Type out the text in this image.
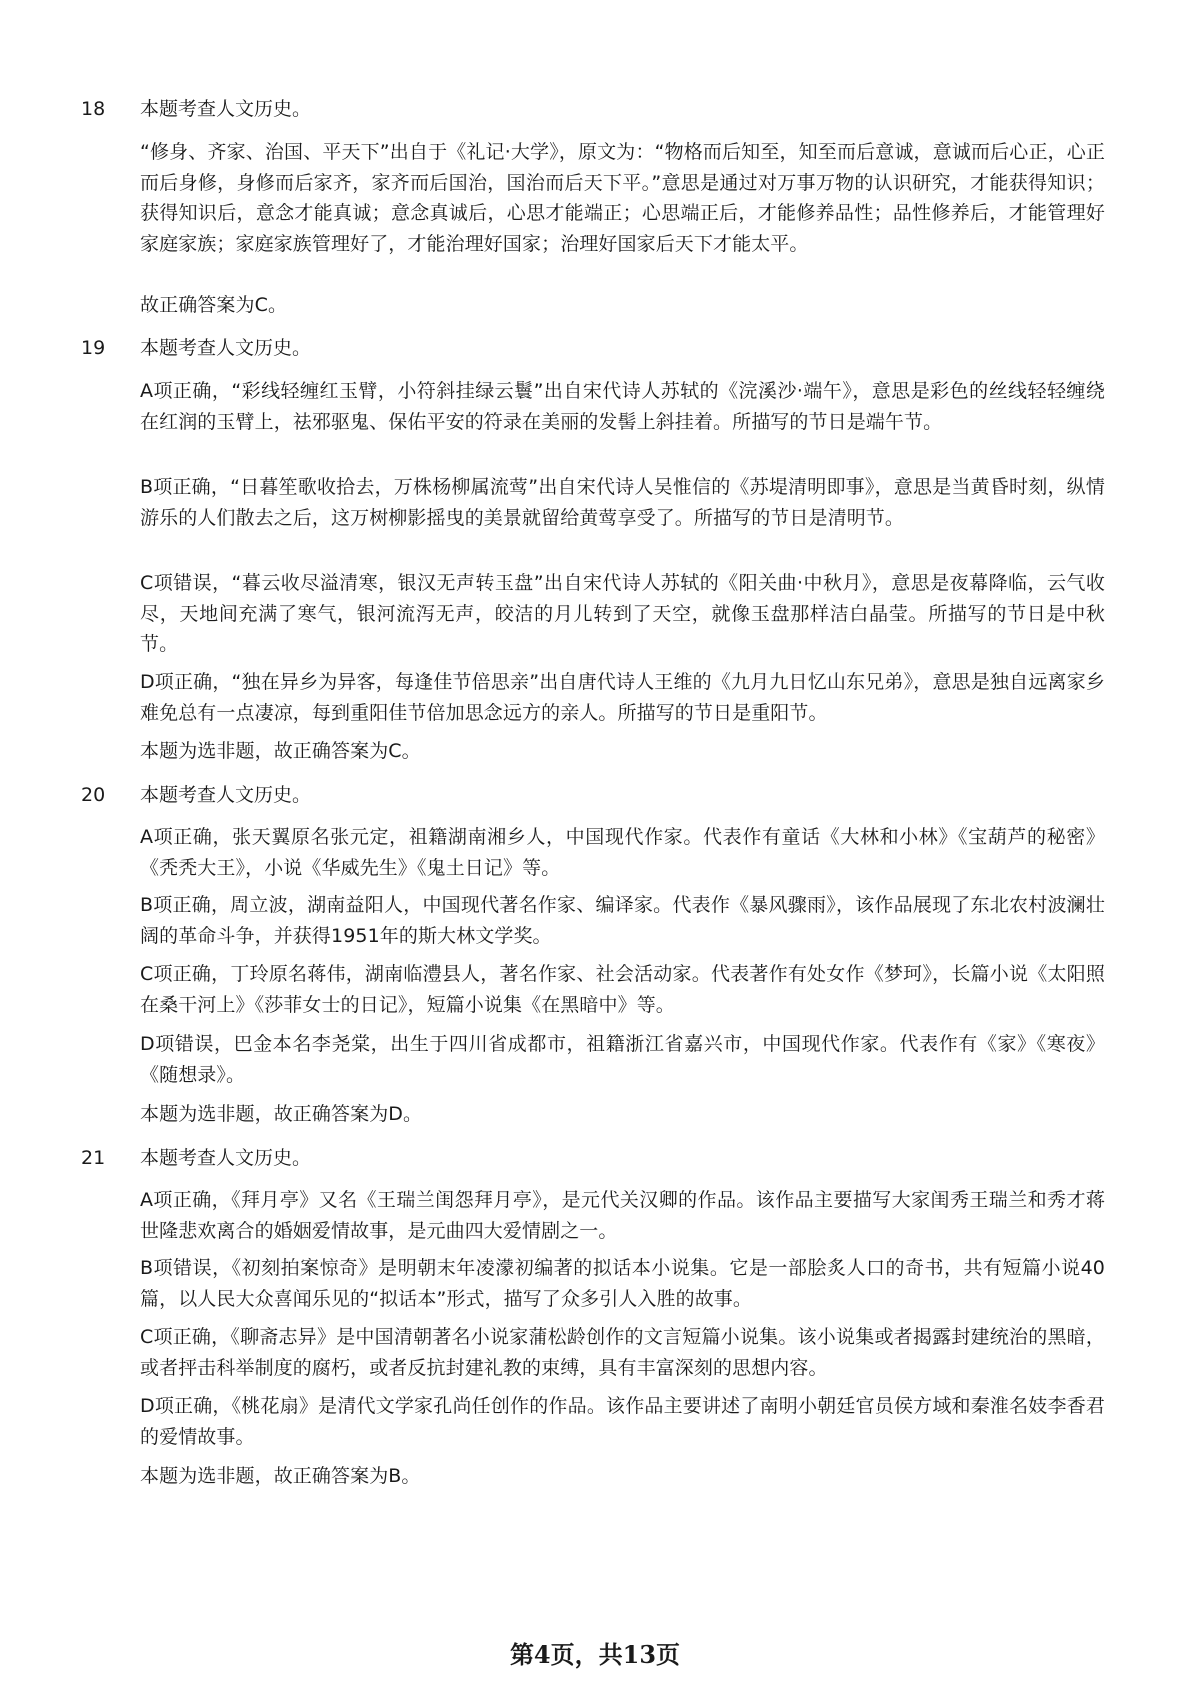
18	本题考查人文历史。
“修身、齐家、治国、平天下”出自于《礼记·大学》，原文为：“物格而后知至，知至而后意诚，意诚而后心正，心正而后身修，身修而后家齐，家齐而后国治，国治而后天下平。”意思是通过对万事万物的认识研究，才能获得知识；获得知识后，意念才能真诚；意念真诚后，心思才能端正；心思端正后，才能修养品性；品性修养后，才能管理好家庭家族；家庭家族管理好了，才能治理好国家；治理好国家后天下才能太平。
故正确答案为C。
19	本题考查人文历史。
A项正确，“彩线轻缠红玉臂，小符斜挂绿云鬟”出自宋代诗人苏轼的《浣溪沙·端午》，意思是彩色的丝线轻轻缠绕在红润的玉臂上，祛邪驱鬼、保佑平安的符录在美丽的发髻上斜挂着。所描写的节日是端午节。
B项正确，“日暮笙歌收拾去，万株杨柳属流莺”出自宋代诗人吴惟信的《苏堤清明即事》，意思是当黄昏时刻，纵情游乐的人们散去之后，这万树柳影摇曳的美景就留给黄莺享受了。所描写的节日是清明节。
C项错误，“暮云收尽溢清寒，银汉无声转玉盘”出自宋代诗人苏轼的《阳关曲·中秋月》，意思是夜幕降临，云气收尽，天地间充满了寒气，银河流泻无声，皎洁的月儿转到了天空，就像玉盘那样洁白晶莹。所描写的节日是中秋节。
D项正确，“独在异乡为异客，每逢佳节倍思亲”出自唐代诗人王维的《九月九日忆山东兄弟》，意思是独自远离家乡难免总有一点凄凉，每到重阳佳节倍加思念远方的亲人。所描写的节日是重阳节。
本题为选非题，故正确答案为C。
20	本题考查人文历史。
A项正确，张天翼原名张元定，祖籍湖南湘乡人，中国现代作家。代表作有童话《大林和小林》《宝葫芦的秘密》《秃秃大王》，小说《华威先生》《鬼土日记》等。
B项正确，周立波，湖南益阳人，中国现代著名作家、编译家。代表作《暴风骤雨》，该作品展现了东北农村波澜壮阔的革命斗争，并获得1951年的斯大林文学奖。
C项正确，丁玲原名蒋伟，湖南临澧县人，著名作家、社会活动家。代表著作有处女作《梦珂》，长篇小说《太阳照在桑干河上》《莎菲女士的日记》，短篇小说集《在黑暗中》等。
D项错误，巴金本名李尧棠，出生于四川省成都市，祖籍浙江省嘉兴市，中国现代作家。代表作有《家》《寒夜》《随想录》。
本题为选非题，故正确答案为D。
21	本题考查人文历史。
A项正确，《拜月亭》又名《王瑞兰闺怨拜月亭》，是元代关汉卿的作品。该作品主要描写大家闺秀王瑞兰和秀才蒋世隆悲欢离合的婚姻爱情故事，是元曲四大爱情剧之一。
B项错误，《初刻拍案惊奇》是明朝末年凌濛初编著的拟话本小说集。它是一部脍炙人口的奇书，共有短篇小说40篇，以人民大众喜闻乐见的“拟话本”形式，描写了众多引人入胜的故事。
C项正确，《聊斋志异》是中国清朝著名小说家蒲松龄创作的文言短篇小说集。该小说集或者揭露封建统治的黑暗，或者抨击科举制度的腐朽，或者反抗封建礼教的束缚，具有丰富深刻的思想内容。
D项正确，《桃花扇》是清代文学家孔尚任创作的作品。该作品主要讲述了南明小朝廷官员侯方域和秦淮名妓李香君的爱情故事。
本题为选非题，故正确答案为B。
第4页，共13页
